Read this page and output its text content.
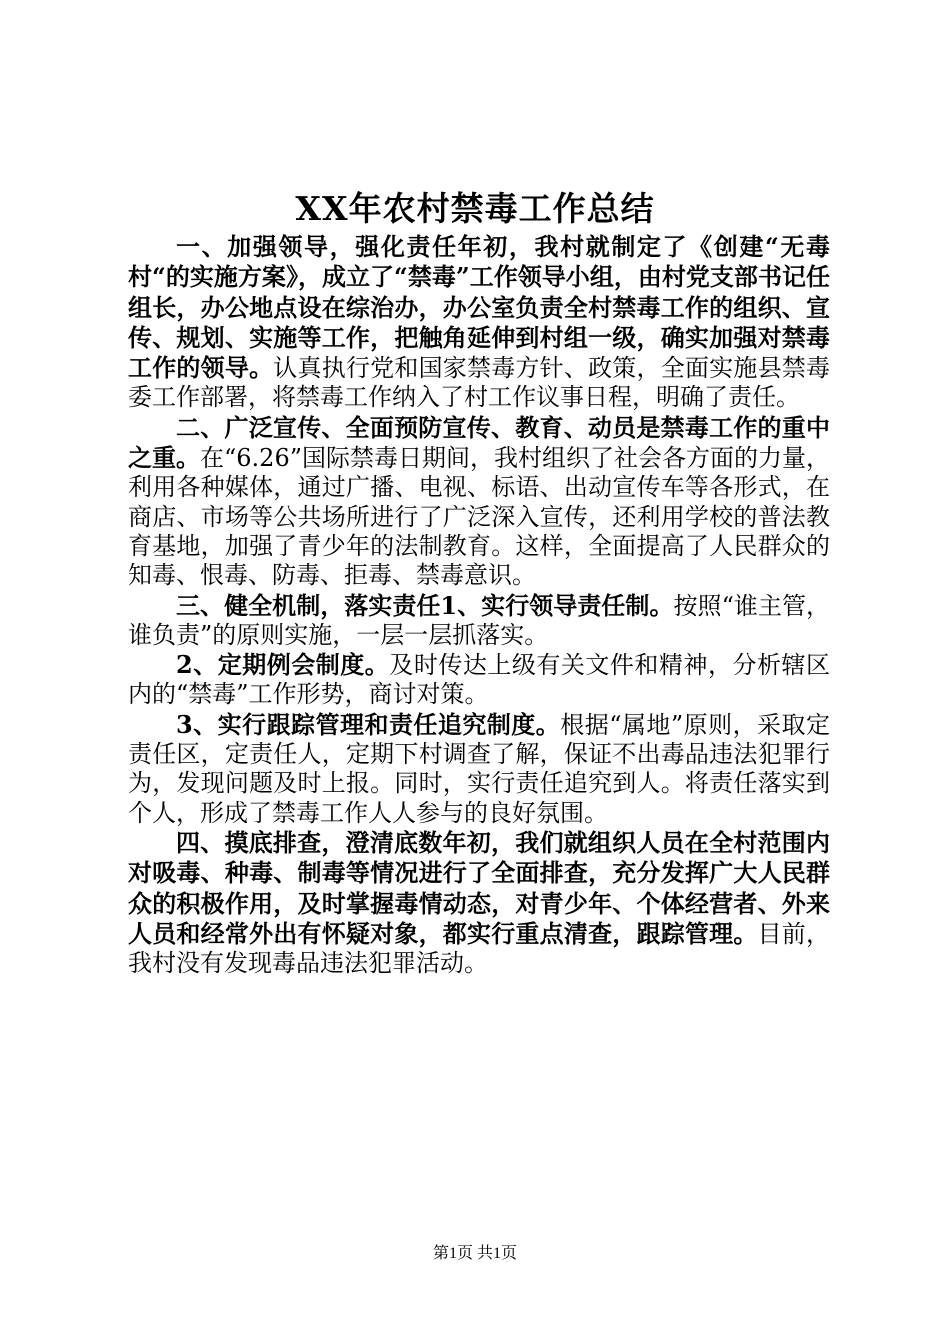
XX年农村禁毒工作总结

一、加强领导，强化责任年初，我村就制定了《创建“无毒村“的实施方案》，成立了“禁毒”工作领导小组，由村党支部书记任组长，办公地点设在综治办，办公室负责全村禁毒工作的组织、宣传、规划、实施等工作，把触角延伸到村组一级，确实加强对禁毒工作的领导。认真执行党和国家禁毒方针、政策，全面实施县禁毒委工作部署，将禁毒工作纳入了村工作议事日程，明确了责任。

二、广泛宣传、全面预防宣传、教育、动员是禁毒工作的重中之重。在“6.26”国际禁毒日期间，我村组织了社会各方面的力量，利用各种媒体，通过广播、电视、标语、出动宣传车等各形式，在商店、市场等公共场所进行了广泛深入宣传，还利用学校的普法教育基地，加强了青少年的法制教育。这样，全面提高了人民群众的知毒、恨毒、防毒、拒毒、禁毒意识。

三、健全机制，落实责任1、实行领导责任制。按照“谁主管，谁负责”的原则实施，一层一层抓落实。

2、定期例会制度。及时传达上级有关文件和精神，分析辖区内的“禁毒”工作形势，商讨对策。

3、实行跟踪管理和责任追究制度。根据“属地”原则，采取定责任区，定责任人，定期下村调查了解，保证不出毒品违法犯罪行为，发现问题及时上报。同时，实行责任追究到人。将责任落实到个人，形成了禁毒工作人人参与的良好氛围。

四、摸底排查，澄清底数年初，我们就组织人员在全村范围内对吸毒、种毒、制毒等情况进行了全面排查，充分发挥广大人民群众的积极作用，及时掌握毒情动态，对青少年、个体经营者、外来人员和经常外出有怀疑对象，都实行重点清查，跟踪管理。目前，我村没有发现毒品违法犯罪活动。

第1页 共1页
